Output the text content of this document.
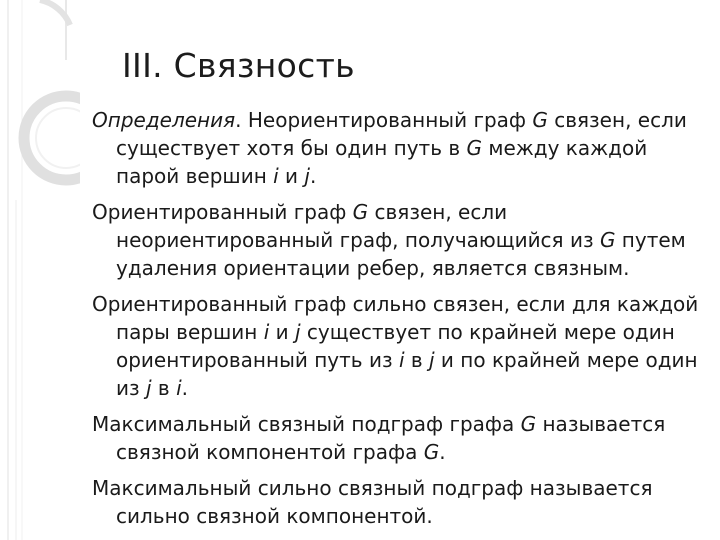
III. Связность

Определения. Неориентированный граф G связен, если существует хотя бы один путь в G между каждой парой вершин i и j.

Ориентированный граф G связен, если неориентированный граф, получающийся из G путем удаления ориентации ребер, является связным.

Ориентированный граф сильно связен, если для каждой пары вершин i и j существует по крайней мере один ориентированный путь из i в j и по крайней мере один из j в i.

Максимальный связный подграф графа G называется связной компонентой графа G.

Максимальный сильно связный подграф называется сильно связной компонентой.
